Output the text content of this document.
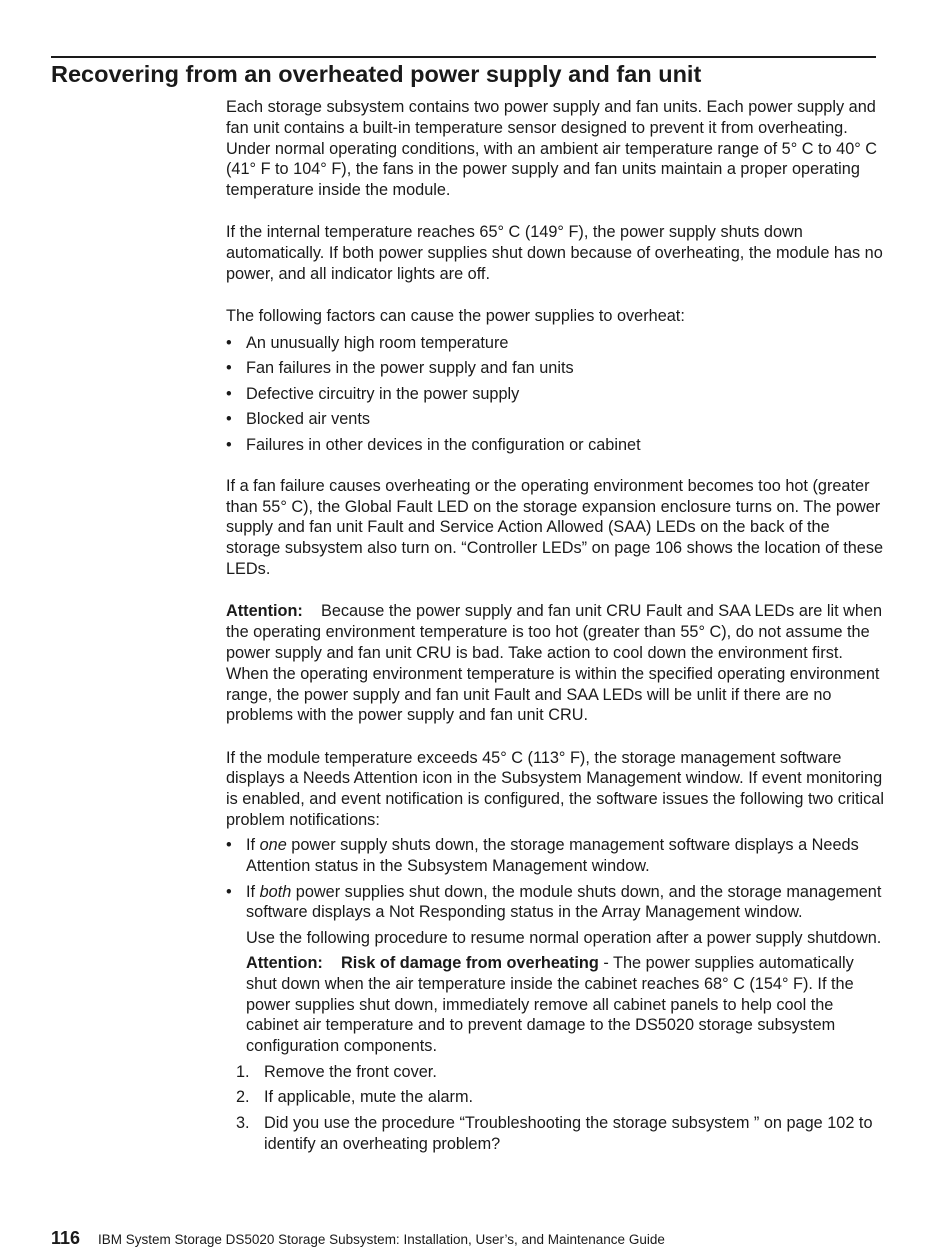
Recovering from an overheated power supply and fan unit

Each storage subsystem contains two power supply and fan units. Each power supply and fan unit contains a built-in temperature sensor designed to prevent it from overheating. Under normal operating conditions, with an ambient air temperature range of 5° C to 40° C (41° F to 104° F), the fans in the power supply and fan units maintain a proper operating temperature inside the module.

If the internal temperature reaches 65° C (149° F), the power supply shuts down automatically. If both power supplies shut down because of overheating, the module has no power, and all indicator lights are off.

The following factors can cause the power supplies to overheat:

• An unusually high room temperature
• Fan failures in the power supply and fan units
• Defective circuitry in the power supply
• Blocked air vents
• Failures in other devices in the configuration or cabinet

If a fan failure causes overheating or the operating environment becomes too hot (greater than 55° C), the Global Fault LED on the storage expansion enclosure turns on. The power supply and fan unit Fault and Service Action Allowed (SAA) LEDs on the back of the storage subsystem also turn on. “Controller LEDs” on page 106 shows the location of these LEDs.

Attention: Because the power supply and fan unit CRU Fault and SAA LEDs are lit when the operating environment temperature is too hot (greater than 55° C), do not assume the power supply and fan unit CRU is bad. Take action to cool down the environment first. When the operating environment temperature is within the specified operating environment range, the power supply and fan unit Fault and SAA LEDs will be unlit if there are no problems with the power supply and fan unit CRU.

If the module temperature exceeds 45° C (113° F), the storage management software displays a Needs Attention icon in the Subsystem Management window. If event monitoring is enabled, and event notification is configured, the software issues the following two critical problem notifications:

• If one power supply shuts down, the storage management software displays a Needs Attention status in the Subsystem Management window.
• If both power supplies shut down, the module shuts down, and the storage management software displays a Not Responding status in the Array Management window.
Use the following procedure to resume normal operation after a power supply shutdown.
Attention: Risk of damage from overheating - The power supplies automatically shut down when the air temperature inside the cabinet reaches 68° C (154° F). If the power supplies shut down, immediately remove all cabinet panels to help cool the cabinet air temperature and to prevent damage to the DS5020 storage subsystem configuration components.
1. Remove the front cover.
2. If applicable, mute the alarm.
3. Did you use the procedure “Troubleshooting the storage subsystem ” on page 102 to identify an overheating problem?
116 IBM System Storage DS5020 Storage Subsystem: Installation, User’s, and Maintenance Guide
